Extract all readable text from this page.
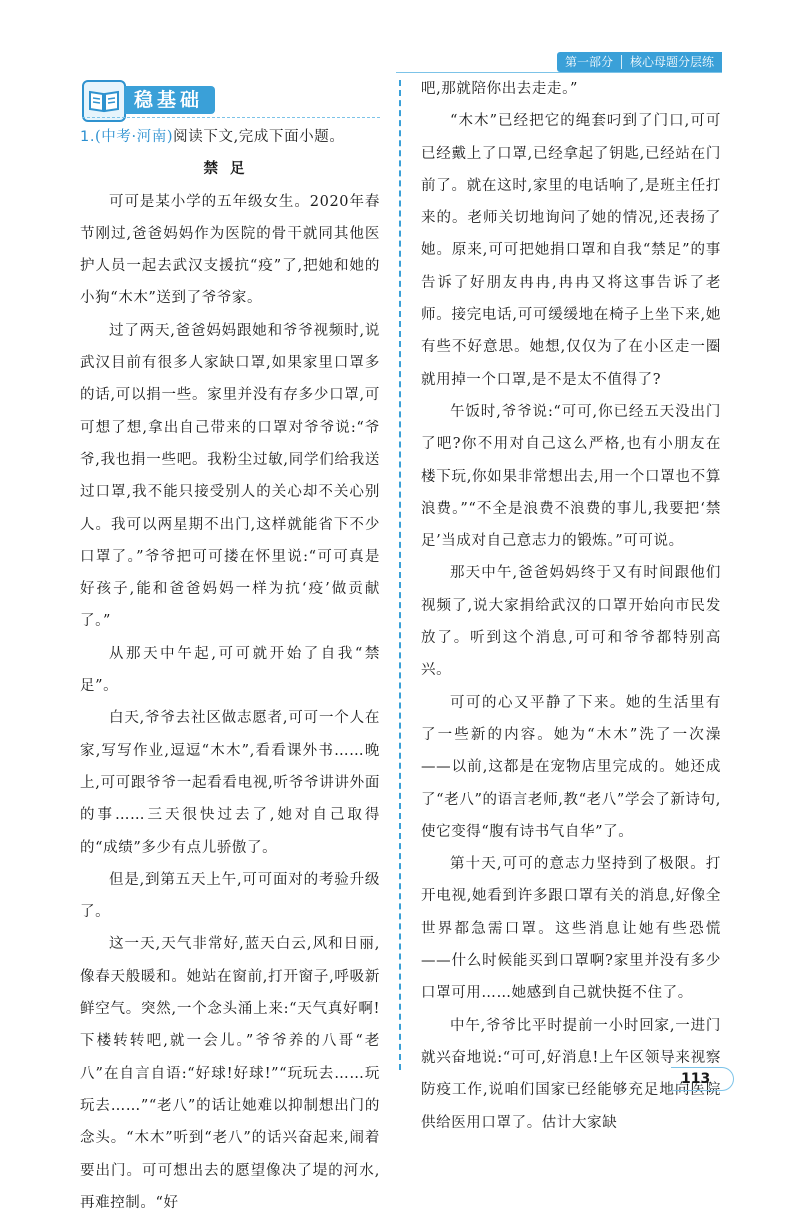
第一部分	核心母题分层练
稳基础

1.(中考·河南)阅读下文,完成下面小题。

禁足

可可是某小学的五年级女生。2020年春节刚过,爸爸妈妈作为医院的骨干就同其他医护人员一起去武汉支援抗“疫”了,把她和她的小狗“木木”送到了爷爷家。

过了两天,爸爸妈妈跟她和爷爷视频时,说武汉目前有很多人家缺口罩,如果家里口罩多的话,可以捐一些。家里并没有存多少口罩,可可想了想,拿出自己带来的口罩对爷爷说:“爷爷,我也捐一些吧。我粉尘过敏,同学们给我送过口罩,我不能只接受别人的关心却不关心别人。我可以两星期不出门,这样就能省下不少口罩了。”爷爷把可可搂在怀里说:“可可真是好孩子,能和爸爸妈妈一样为抗‘疫’做贡献了。”

从那天中午起,可可就开始了自我“禁足”。

白天,爷爷去社区做志愿者,可可一个人在家,写写作业,逗逗“木木”,看看课外书……晚上,可可跟爷爷一起看看电视,听爷爷讲讲外面的事……三天很快过去了,她对自己取得的“成绩”多少有点儿骄傲了。

但是,到第五天上午,可可面对的考验升级了。

这一天,天气非常好,蓝天白云,风和日丽,像春天般暖和。她站在窗前,打开窗子,呼吸新鲜空气。突然,一个念头涌上来:“天气真好啊!下楼转转吧,就一会儿。”爷爷养的八哥“老八”在自言自语:“好球!好球!”“玩玩去……玩玩去……”“老八”的话让她难以抑制想出门的念头。“木木”听到“老八”的话兴奋起来,闹着要出门。可可想出去的愿望像决了堤的河水,再难控制。“好

吧,那就陪你出去走走。”

“木木”已经把它的绳套叼到了门口,可可已经戴上了口罩,已经拿起了钥匙,已经站在门前了。就在这时,家里的电话响了,是班主任打来的。老师关切地询问了她的情况,还表扬了她。原来,可可把她捐口罩和自我“禁足”的事告诉了好朋友冉冉,冉冉又将这事告诉了老师。接完电话,可可缓缓地在椅子上坐下来,她有些不好意思。她想,仅仅为了在小区走一圈就用掉一个口罩,是不是太不值得了?

午饭时,爷爷说:“可可,你已经五天没出门了吧?你不用对自己这么严格,也有小朋友在楼下玩,你如果非常想出去,用一个口罩也不算浪费。”“不全是浪费不浪费的事儿,我要把‘禁足’当成对自己意志力的锻炼。”可可说。

那天中午,爸爸妈妈终于又有时间跟他们视频了,说大家捐给武汉的口罩开始向市民发放了。听到这个消息,可可和爷爷都特别高兴。

可可的心又平静了下来。她的生活里有了一些新的内容。她为“木木”洗了一次澡——以前,这都是在宠物店里完成的。她还成了“老八”的语言老师,教“老八”学会了新诗句,使它变得“腹有诗书气自华”了。

第十天,可可的意志力坚持到了极限。打开电视,她看到许多跟口罩有关的消息,好像全世界都急需口罩。这些消息让她有些恐慌——什么时候能买到口罩啊?家里并没有多少口罩可用……她感到自己就快挺不住了。

中午,爷爷比平时提前一小时回家,一进门就兴奋地说:“可可,好消息!上午区领导来视察防疫工作,说咱们国家已经能够充足地向医院供给医用口罩了。估计大家缺

113
